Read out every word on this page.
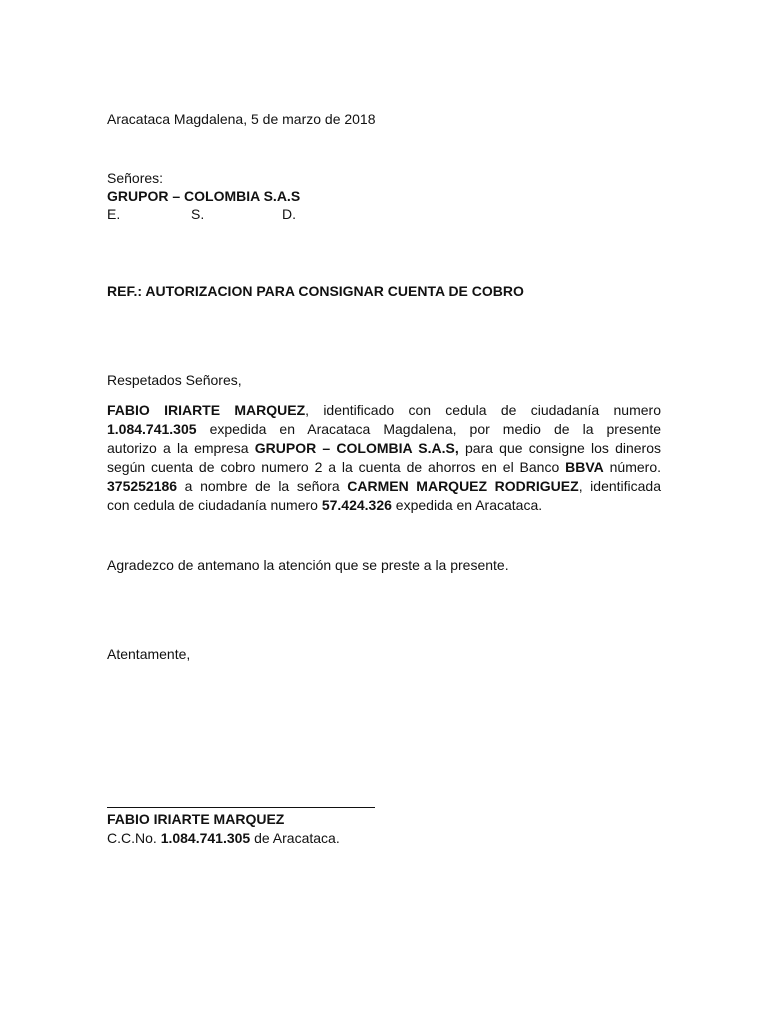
Aracataca Magdalena, 5 de marzo de 2018
Señores:
GRUPOR – COLOMBIA S.A.S
E.	S.	D.
REF.: AUTORIZACION PARA CONSIGNAR CUENTA DE COBRO
Respetados Señores,
FABIO IRIARTE MARQUEZ, identificado con cedula de ciudadanía numero
1.084.741.305 expedida en Aracataca Magdalena, por medio de la presente
autorizo a la empresa GRUPOR – COLOMBIA S.A.S, para que consigne los dineros
según cuenta de cobro numero 2 a la cuenta de ahorros en el Banco BBVA número.
375252186 a nombre de la señora CARMEN MARQUEZ RODRIGUEZ, identificada
con cedula de ciudadanía numero 57.424.326 expedida en Aracataca.
Agradezco de antemano la atención que se preste a la presente.
Atentamente,
FABIO IRIARTE MARQUEZ
C.C.No. 1.084.741.305 de Aracataca.
